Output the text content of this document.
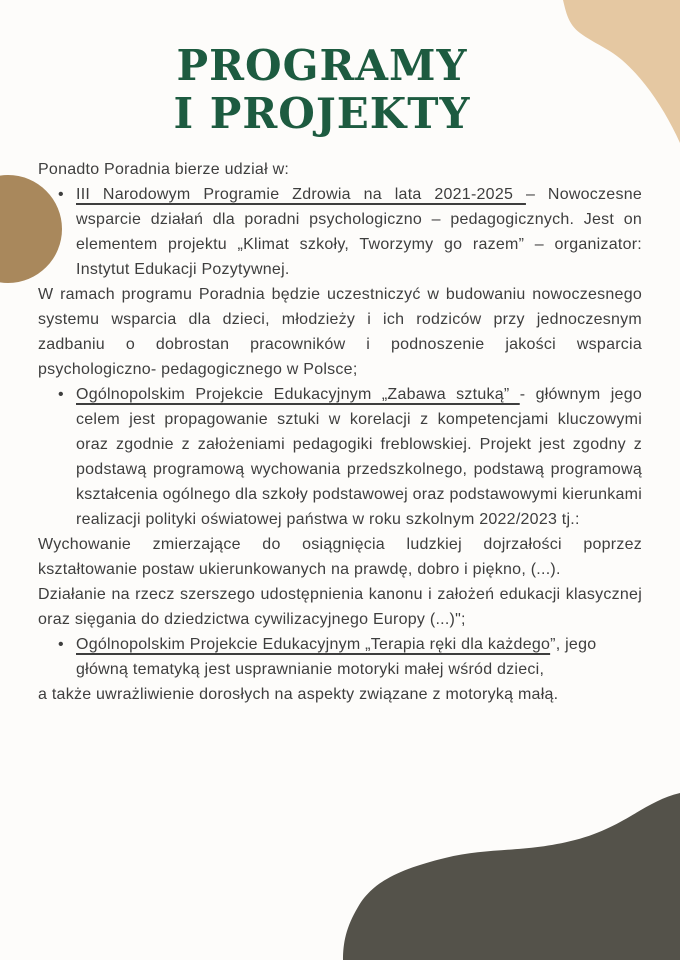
PROGRAMY
I PROJEKTY

Ponadto Poradnia bierze udział w:

• III Narodowym Programie Zdrowia na lata 2021-2025 – Nowoczesne wsparcie działań dla poradni psychologiczno – pedagogicznych. Jest on elementem projektu „Klimat szkoły, Tworzymy go razem” – organizator: Instytut Edukacji Pozytywnej.

W ramach programu Poradnia będzie uczestniczyć w budowaniu nowoczesnego systemu wsparcia dla dzieci, młodzieży i ich rodziców przy jednoczesnym zadbaniu o dobrostan pracowników i podnoszenie jakości wsparcia psychologiczno- pedagogicznego w Polsce;

• Ogólnopolskim Projekcie Edukacyjnym „Zabawa sztuką” - głównym jego celem jest propagowanie sztuki w korelacji z kompetencjami kluczowymi oraz zgodnie z założeniami pedagogiki freblowskiej. Projekt jest zgodny z podstawą programową wychowania przedszkolnego, podstawą programową kształcenia ogólnego dla szkoły podstawowej oraz podstawowymi kierunkami realizacji polityki oświatowej państwa w roku szkolnym 2022/2023 tj.:

Wychowanie zmierzające do osiągnięcia ludzkiej dojrzałości poprzez kształtowanie postaw ukierunkowanych na prawdę, dobro i piękno, (...).

Działanie na rzecz szerszego udostępnienia kanonu i założeń edukacji klasycznej oraz sięgania do dziedzictwa cywilizacyjnego Europy (...)";

• Ogólnopolskim Projekcie Edukacyjnym „Terapia ręki dla każdego”, jego główną tematyką jest usprawnianie motoryki małej wśród dzieci,

a także uwrażliwienie dorosłych na aspekty związane z motoryką małą.
